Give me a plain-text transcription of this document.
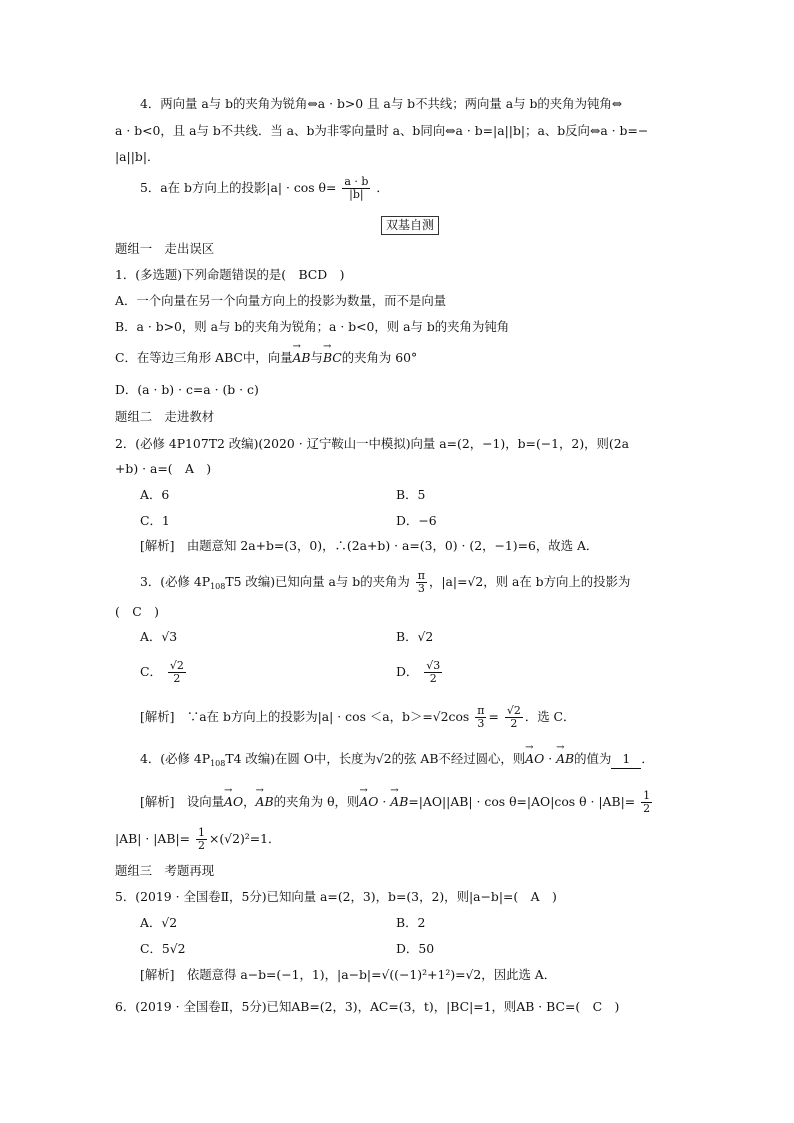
4．两向量 a与 b的夹角为锐角⇔a · b>0 且 a与 b不共线；两向量 a与 b的夹角为钝角⇔
a · b<0，且 a与 b不共线．当 a、b为非零向量时 a、b同向⇔a · b=|a||b|；a、b反向⇔a · b=−
|a||b|．
5．a在 b方向上的投影$|a| \cdot \cos \theta= \frac{a \cdot b}{|b|}$ ．
双基自测
题组一　走出误区
1．(多选题)下列命题错误的是(　BCD　)
A．一个向量在另一个向量方向上的投影为数量，而不是向量
B．a · b>0，则 a与 b的夹角为锐角；a · b<0，则 a与 b的夹角为钝角
C．在等边三角形 ABC中，向量→ AB与→ BC的夹角为 60°
D．(a · b) · c=a · (b · c)
题组二　走进教材
2．(必修 4P107T2 改编)(2020 · 辽宁鞍山一中模拟)向量 a=(2，−1)，b=(−1，2)，则(2a
+b) · a=(　A　)
A．6	B．5
C．1	D．−6
[解析]　由题意知 2a+b=(3，0)，∴(2a+b) · a=(3，0) · (2，−1)=6，故选 A．
3．(必修 $4P_{108}T5$ 改编)已知向量 a与 b的夹角为 $\frac{\pi}{3}$ ，|a|=√2，则 a在 b方向上的投影为
(　C　)
A．√3	B．√2
C． $\frac{√2}{2}$	D． $\frac{√3}{2}$
[解析]　∵a在 b方向上的投影为|a| · cos ＜a，$b>=√2\cos \frac{\pi}{3} = \frac{√2}{2}$ ．选 C．
4．(必修 $4P_{108}T4$ 改编)在圆 O中，长度为√2的弦 AB不经过圆心，则→ AO · → AB的值为 1 ．
[解析]　设向量→ AO，→ AB的夹角为 θ，则→ AO · → AB=|AO||AB| · cos θ=|AO|cos $\theta \cdot |AB|= \frac{1}{2}$
$|AB| \cdot |AB|= \frac{1}{2} \times(√2)^2=1$．
题组三　考题再现
5．(2019 · 全国卷Ⅱ，5分)已知向量 a=(2，3)，b=(3，2)，则|a−b|=(　A　)
A．√2	B．2
C．5√2	D．50
[解析]　依题意得 a−b=(−1，1)，|a−b|=√((−1)²+1²)=√2，因此选 A．
6．(2019 · 全国卷Ⅱ，5分)已知AB=(2，3)，AC=(3，t)，|BC|=1，则AB · BC=(　C　)
